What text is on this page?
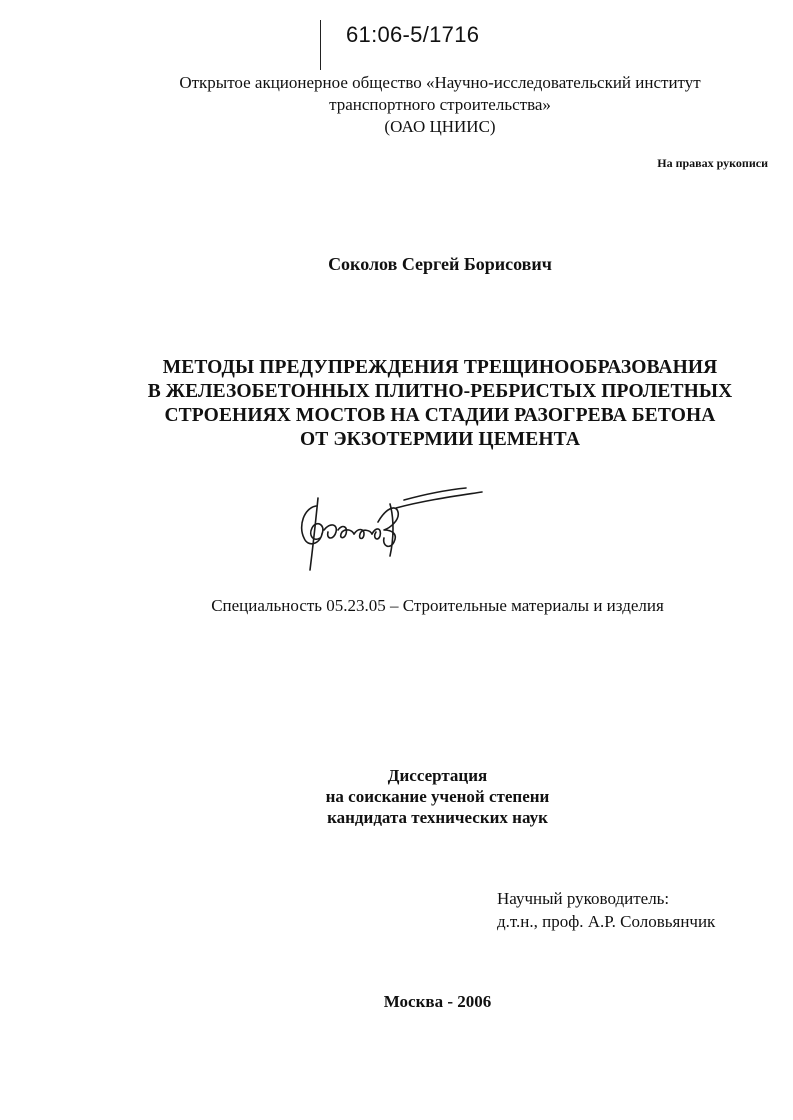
61:06-5/1716
Открытое акционерное общество «Научно-исследовательский институт
транспортного строительства»
(ОАО ЦНИИС)
На правах рукописи
Соколов Сергей Борисович
МЕТОДЫ ПРЕДУПРЕЖДЕНИЯ ТРЕЩИНООБРАЗОВАНИЯ
В ЖЕЛЕЗОБЕТОННЫХ ПЛИТНО-РЕБРИСТЫХ ПРОЛЕТНЫХ
СТРОЕНИЯХ МОСТОВ НА СТАДИИ РАЗОГРЕВА БЕТОНА
ОТ ЭКЗОТЕРМИИ ЦЕМЕНТА
Специальность 05.23.05 – Строительные материалы и изделия
Диссертация
на соискание ученой степени
кандидата технических наук
Научный руководитель:
д.т.н., проф. А.Р. Соловьянчик
Москва - 2006
